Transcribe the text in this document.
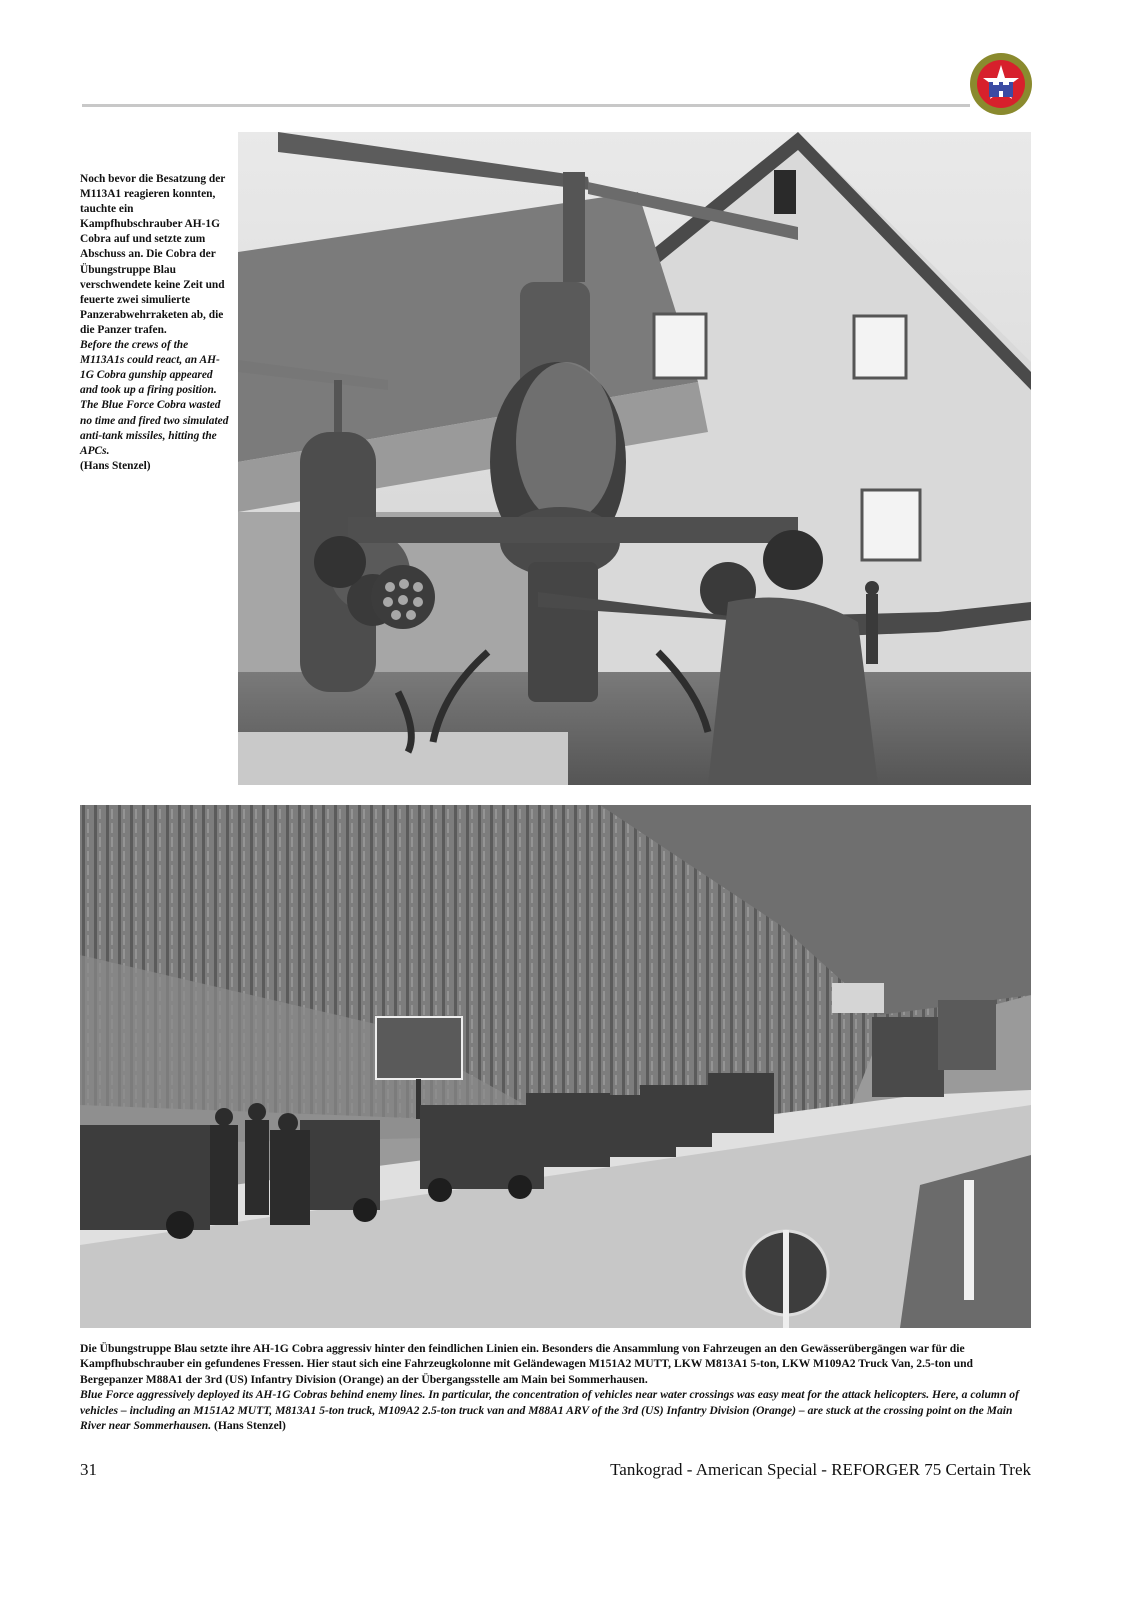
Noch bevor die Besatzung der M113A1 reagieren konnten, tauchte ein Kampfhubschrauber AH-1G Cobra auf und setzte zum Abschuss an. Die Cobra der Übungstruppe Blau verschwendete keine Zeit und feuerte zwei simulierte Panzerabwehrraketen ab, die die Panzer trafen.

Before the crews of the M113A1s could react, an AH-1G Cobra gunship appeared and took up a firing position. The Blue Force Cobra wasted no time and fired two simulated anti-tank missiles, hitting the APCs.

(Hans Stenzel)

Die Übungstruppe Blau setzte ihre AH-1G Cobra aggressiv hinter den feindlichen Linien ein. Besonders die Ansammlung von Fahrzeugen an den Gewässerübergängen war für die Kampfhubschrauber ein gefundenes Fressen. Hier staut sich eine Fahrzeugkolonne mit Geländewagen M151A2 MUTT, LKW M813A1 5-ton, LKW M109A2 Truck Van, 2.5-ton und Bergepanzer M88A1 der 3rd (US) Infantry Division (Orange) an der Übergangsstelle am Main bei Sommerhausen.

Blue Force aggressively deployed its AH-1G Cobras behind enemy lines. In particular, the concentration of vehicles near water crossings was easy meat for the attack helicopters. Here, a column of vehicles – including an M151A2 MUTT, M813A1 5-ton truck, M109A2 2.5-ton truck van and M88A1 ARV of the 3rd (US) Infantry Division (Orange) – are stuck at the crossing point on the Main River near Sommerhausen. (Hans Stenzel)

31	Tankograd - American Special - REFORGER 75 Certain Trek
